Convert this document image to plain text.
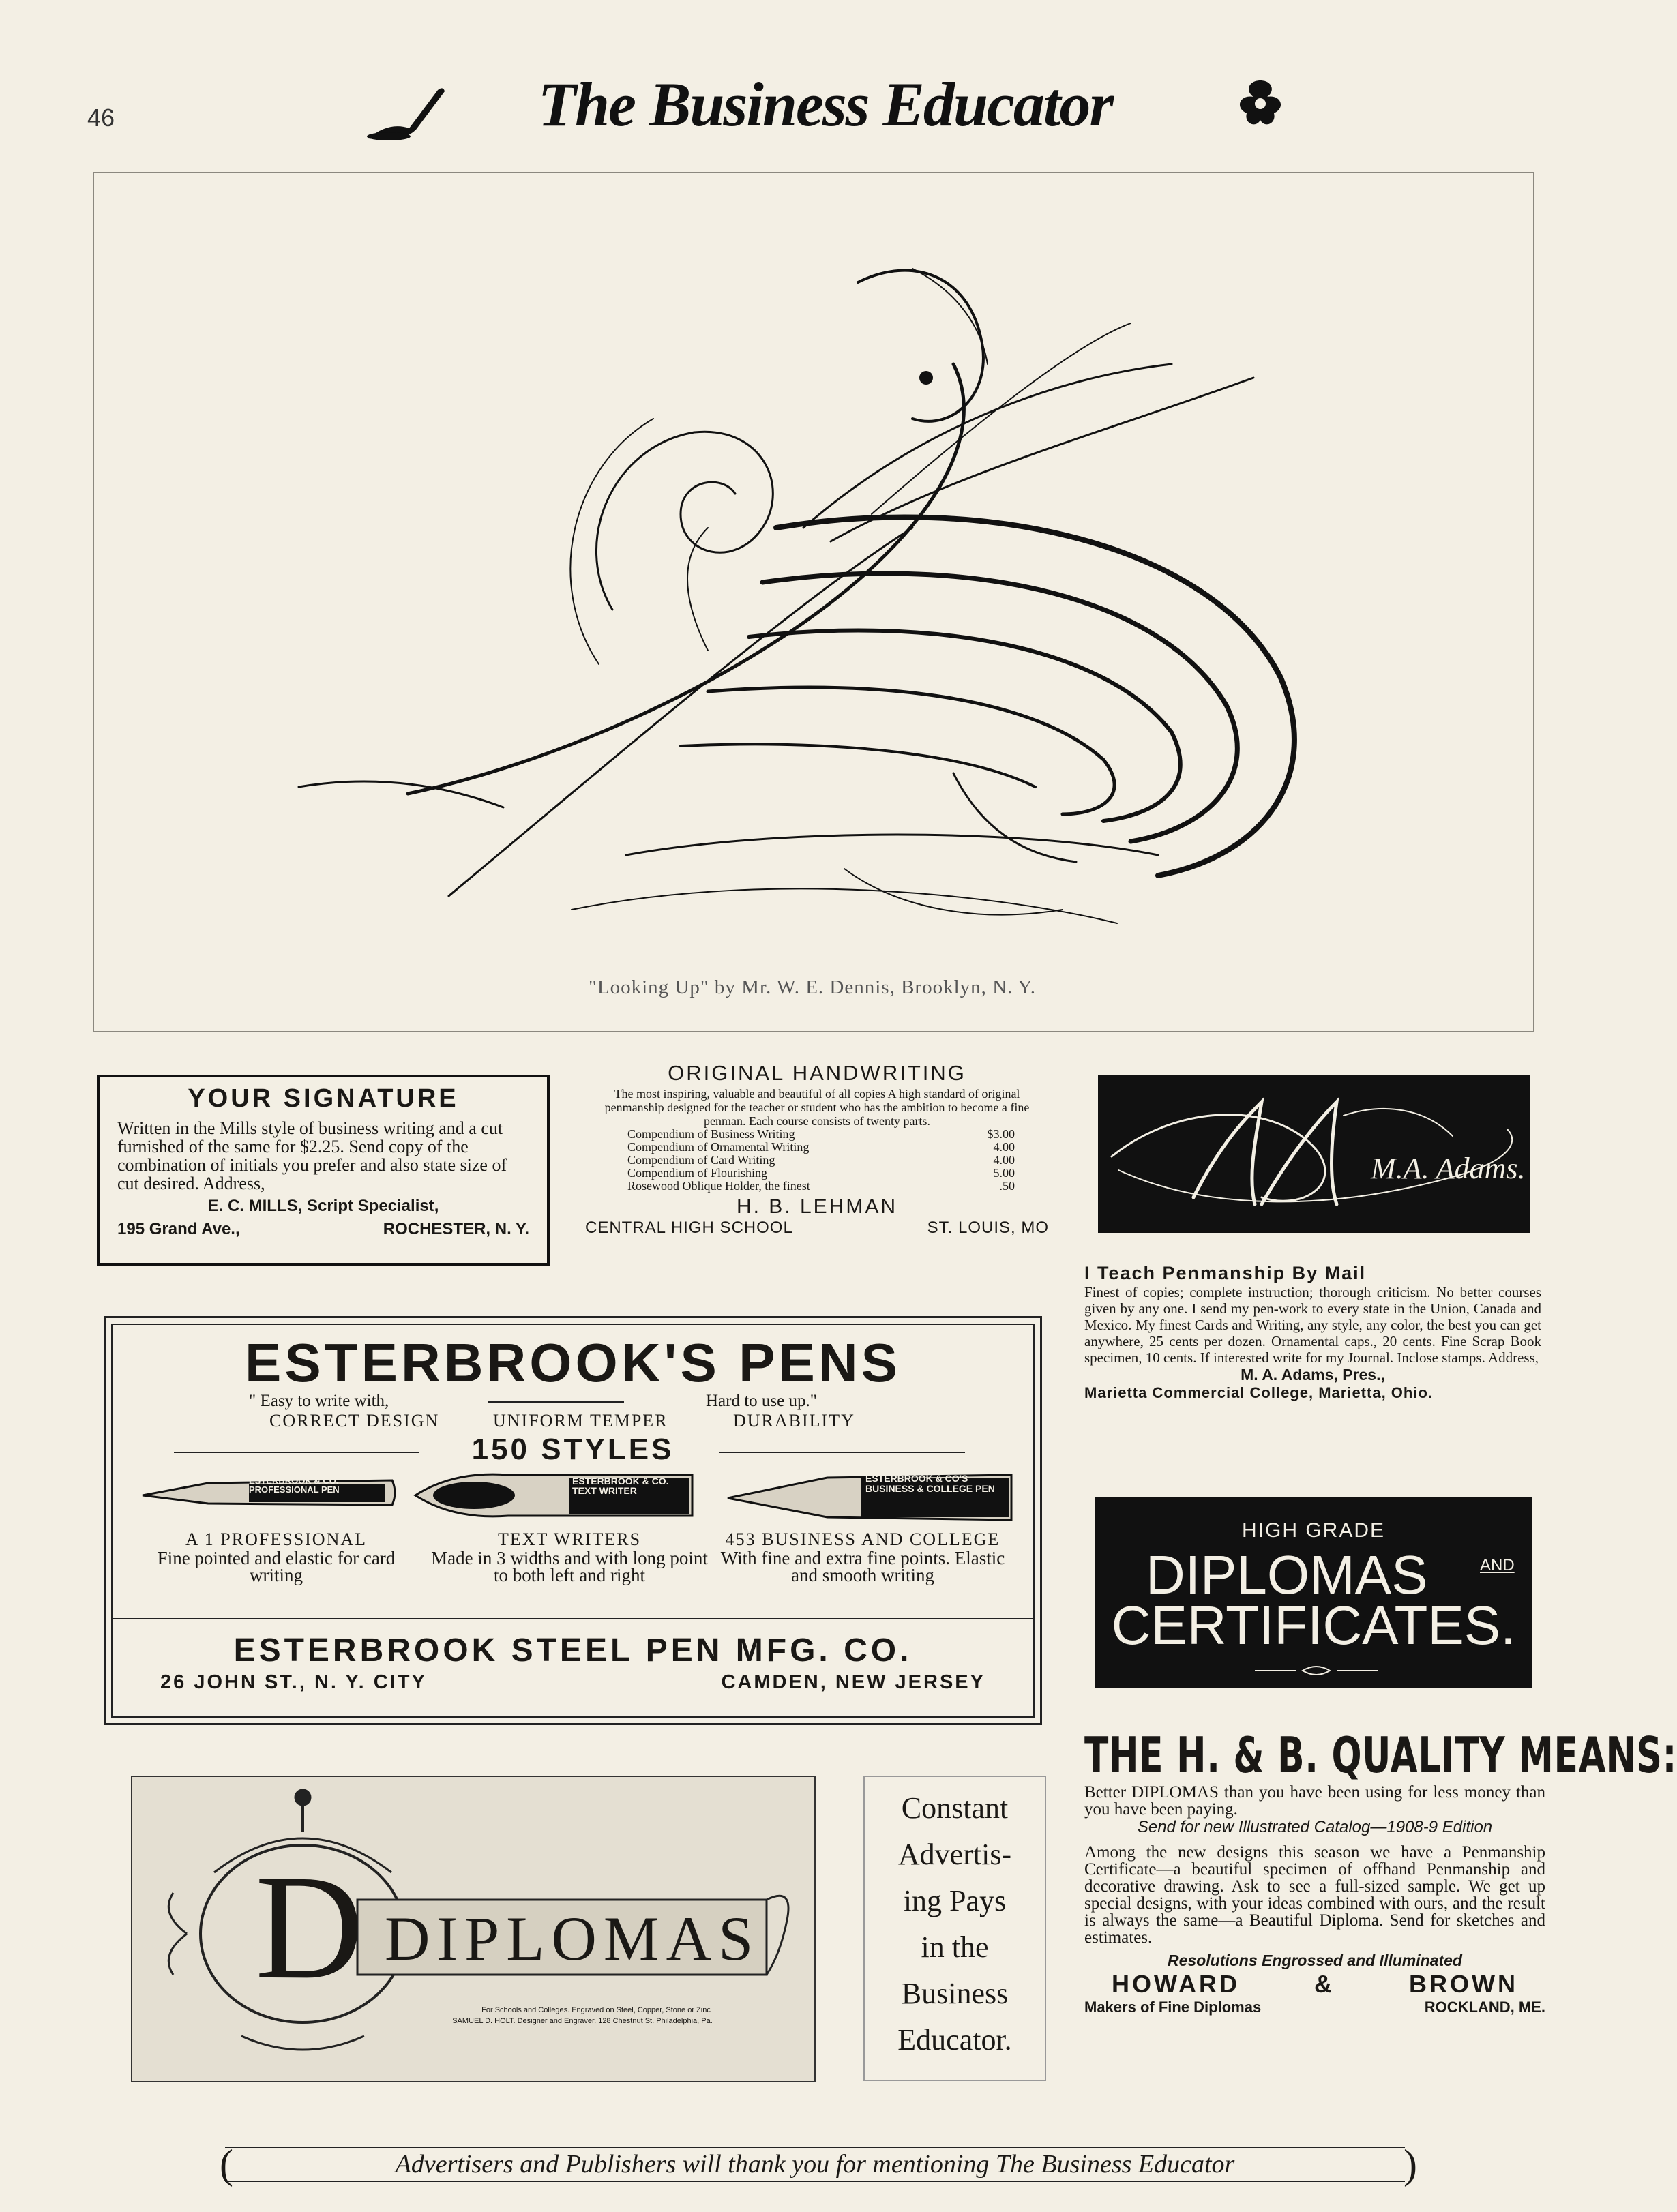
46	The Business Educator
"Looking Up" by Mr. W. E. Dennis, Brooklyn, N. Y.
YOUR SIGNATURE
Written in the Mills style of business writing and a cut furnished of the same for $2.25. Send copy of the combination of initials you prefer and also state size of cut desired. Address,
E. C. MILLS, Script Specialist,
195 Grand Ave.,	ROCHESTER, N. Y.
ORIGINAL HANDWRITING
The most inspiring, valuable and beautiful of all copies A high standard of original penmanship designed for the teacher or student who has the ambition to become a fine penman. Each course consists of twenty parts.
Compendium of Business Writing	$3.00
Compendium of Ornamental Writing	4.00
Compendium of Card Writing	4.00
Compendium of Flourishing	5.00
Rosewood Oblique Holder, the finest	.50
H. B. LEHMAN
CENTRAL HIGH SCHOOL	ST. LOUIS, MO
M.A. Adams.
I Teach Penmanship By Mail
Finest of copies; complete instruction; thorough criticism. No better courses given by any one. I send my pen-work to every state in the Union, Canada and Mexico. My finest Cards and Writing, any style, any color, the best you can get anywhere, 25 cents per dozen. Ornamental caps., 20 cents. Fine Scrap Book specimen, 10 cents. If interested write for my Journal. Inclose stamps. Address,
M. A. Adams, Pres.,
Marietta Commercial College, Marietta, Ohio.
ESTERBROOK'S PENS
" Easy to write with,	Hard to use up."
CORRECT DESIGN	UNIFORM TEMPER	DURABILITY
150 STYLES
ESTERBROOK & CO. PROFESSIONAL PEN
ESTERBROOK & CO. TEXT WRITER
ESTERBROOK & CO'S BUSINESS & COLLEGE PEN
A 1 PROFESSIONAL
Fine pointed and elastic for card writing
TEXT WRITERS
Made in 3 widths and with long point to both left and right
453 BUSINESS AND COLLEGE
With fine and extra fine points. Elastic and smooth writing
ESTERBROOK STEEL PEN MFG. CO.
26 JOHN ST., N. Y. CITY	CAMDEN, NEW JERSEY
D DIPLOMAS
For Schools and Colleges. Engraved on Steel, Copper, Stone or Zinc
SAMUEL D. HOLT. Designer and Engraver. 128 Chestnut St. Philadelphia, Pa.
Constant
Advertis-
ing Pays
in the
Business
Educator.
HIGH GRADE
DIPLOMAS	AND
CERTIFICATES.
THE H. & B. QUALITY MEANS:
Better DIPLOMAS than you have been using for less money than you have been paying.
Send for new Illustrated Catalog—1908-9 Edition
Among the new designs this season we have a Penmanship Certificate—a beautiful specimen of offhand Penmanship and decorative drawing. Ask to see a full-sized sample. We get up special designs, with your ideas combined with ours, and the result is always the same—a Beautiful Diploma. Send for sketches and estimates.
Resolutions Engrossed and Illuminated
HOWARD	&	BROWN
Makers of Fine Diplomas	ROCKLAND, ME.
(	Advertisers and Publishers will thank you for mentioning The Business Educator	)
